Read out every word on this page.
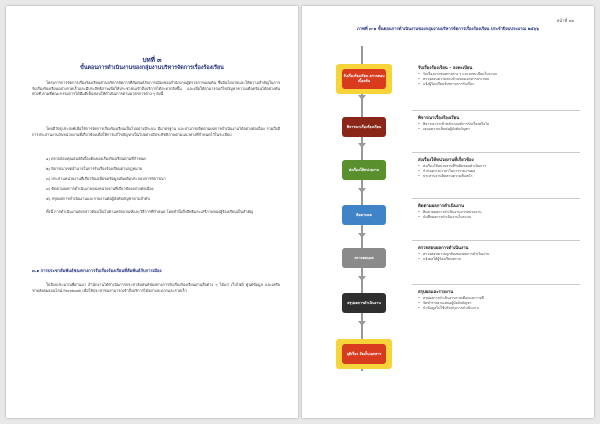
บทที่ ๓
ขั้นตอนการดำเนินงานของกลุ่มงานบริหารจัดการเรื่องร้องเรียน

โครงการการจัดการเรื่องร้องเรียนด้านบริหารจัดการที่สัมพันธ์กับการเมืองของสำนักงานผู้ตรวจการแผ่นดิน ซึ่งมีนโยบายและให้ความสำคัญในการรับเรื่องร้องเรียนอย่างรวดเร็วและมีประสิทธิภาพเพื่อให้ประชาชนเข้าถึงบริการได้สะดวกยิ่งขึ้น และเพื่อให้สามารถแก้ไขปัญหาความเดือดร้อนได้อย่างทันท่วงที ตามที่คณะกรรมการได้มีมติเห็นชอบให้ดำเนินการตามมาตรการต่าง ๆ ดังนี้

โดยมีวัตถุประสงค์เพื่อให้การจัดการเรื่องร้องเรียนเป็นไปอย่างมีระบบ มีมาตรฐาน และสามารถติดตามผลการดำเนินงานได้อย่างต่อเนื่อง รวมถึงมีการประสานงานกับหน่วยงานที่เกี่ยวข้องเพื่อให้การแก้ไขปัญหาเป็นไปอย่างมีประสิทธิภาพตามแนวทางที่กำหนดไว้ในระเบียบ

๑) ตรวจสอบคุณสมบัติเบื้องต้นของเรื่องร้องเรียนตามที่กำหนด

๒) พิจารณาเขตอำนาจในการรับเรื่องร้องเรียนตามกฎหมาย

๓) ประสานหน่วยงานที่เกี่ยวข้องเพื่อขอข้อมูลเพิ่มเติมประกอบการพิจารณา

๔) ติดตามผลการดำเนินงานของหน่วยงานที่เกี่ยวข้องอย่างต่อเนื่อง

๕) สรุปผลการดำเนินงานและรายงานต่อผู้บังคับบัญชาตามลำดับ

ทั้งนี้ การดำเนินงานดังกล่าวต้องเป็นไปตามหลักเกณฑ์และวิธีการที่กำหนด โดยคำนึงถึงสิทธิและเสรีภาพของผู้ร้องเรียนเป็นสำคัญ

๓.๑ การประชาสัมพันธ์ช่องทางการรับเรื่องร้องเรียนที่สัมพันธ์กับการเมือง

ในปีงบประมาณที่ผ่านมา สำนักงานได้ดำเนินการประชาสัมพันธ์ช่องทางการรับเรื่องร้องเรียนผ่านสื่อต่าง ๆ ได้แก่ เว็บไซต์ ศูนย์ข้อมูล และเครือข่ายสังคมออนไลน์ Facebook เพื่อให้ประชาชนสามารถเข้าถึงบริการได้อย่างสะดวกและรวดเร็ว

หน้าที่ ๑๒
ภาพที่ ๓-๑ ขั้นตอนการดำเนินงานของกลุ่มงานบริหารจัดการเรื่องร้องเรียน ประจำปีงบประมาณ ๒๕๖๖
รับเรื่องร้องเรียน ตรวจสอบเบื้องต้น
พิจารณาเรื่องร้องเรียน
ส่งเรื่องให้หน่วยงาน
ติดตามผล
ตรวจสอบผล
สรุปผลการดำเนินงาน
ยุติเรื่อง จัดเก็บเอกสาร
รับเรื่องร้องเรียน – ลงทะเบียน
• รับเรื่องจากช่องทางต่าง ๆ และลงทะเบียนในระบบ
• ตรวจสอบความครบถ้วนของเอกสารประกอบ
• แจ้งผู้ร้องเรียนรับทราบการรับเรื่อง
พิจารณาเรื่องร้องเรียน
• พิจารณาว่าเข้าหลักเกณฑ์การรับเรื่องหรือไม่
• เสนอความเห็นต่อผู้บังคับบัญชา
ส่งเรื่องให้หน่วยงานที่เกี่ยวข้อง
• ส่งเรื่องให้หน่วยงานที่รับผิดชอบดำเนินการ
• กำหนดระยะเวลาในการรายงานผล
• ประสานงานติดตามความคืบหน้า
ติดตามผลการดำเนินงาน
• ติดตามผลการดำเนินงานจากหน่วยงาน
• บันทึกผลการดำเนินงานในระบบ
ตรวจสอบผลการดำเนินงาน
• ตรวจสอบความถูกต้องของผลการดำเนินงาน
• แจ้งผลให้ผู้ร้องเรียนทราบ
สรุปผลและรายงาน
• สรุปผลการดำเนินงานรายเดือนและรายปี
• จัดทำรายงานเสนอผู้บังคับบัญชา
• นำข้อมูลไปใช้ปรับปรุงการดำเนินงาน
